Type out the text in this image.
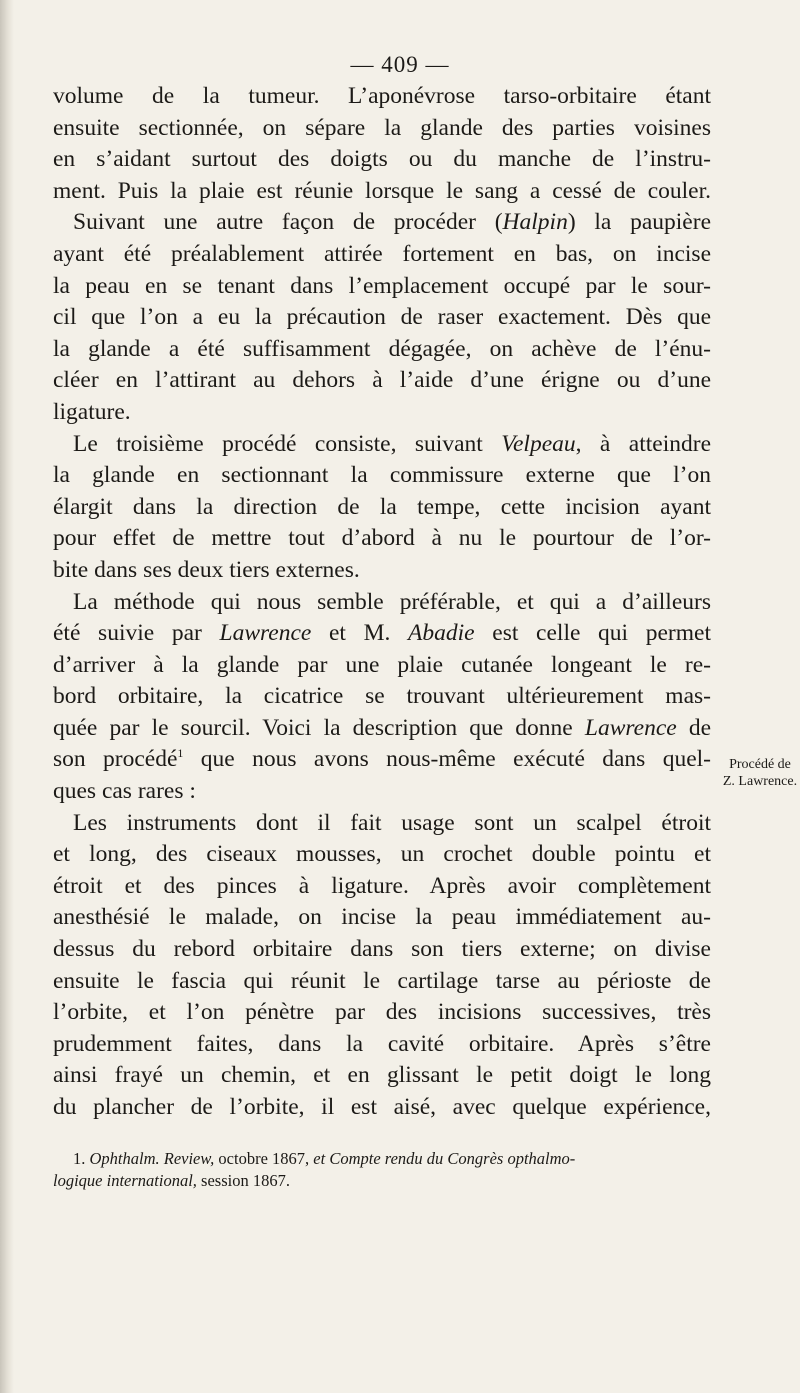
— 409 —
volume de la tumeur. L’aponévrose tarso-orbitaire étant
ensuite sectionnée, on sépare la glande des parties voisines
en s’aidant surtout des doigts ou du manche de l’instru-
ment. Puis la plaie est réunie lorsque le sang a cessé de couler.
Suivant une autre façon de procéder (Halpin) la paupière
ayant été préalablement attirée fortement en bas, on incise
la peau en se tenant dans l’emplacement occupé par le sour-
cil que l’on a eu la précaution de raser exactement. Dès que
la glande a été suffisamment dégagée, on achève de l’énu-
cléer en l’attirant au dehors à l’aide d’une érigne ou d’une
ligature.
Le troisième procédé consiste, suivant Velpeau, à atteindre
la glande en sectionnant la commissure externe que l’on
élargit dans la direction de la tempe, cette incision ayant
pour effet de mettre tout d’abord à nu le pourtour de l’or-
bite dans ses deux tiers externes.
La méthode qui nous semble préférable, et qui a d’ailleurs
été suivie par Lawrence et M. Abadie est celle qui permet
d’arriver à la glande par une plaie cutanée longeant le re-
bord orbitaire, la cicatrice se trouvant ultérieurement mas-
quée par le sourcil. Voici la description que donne Lawrence de
son procédé$^1$ que nous avons nous-même exécuté dans quel-
ques cas rares :
Les instruments dont il fait usage sont un scalpel étroit
et long, des ciseaux mousses, un crochet double pointu et
étroit et des pinces à ligature. Après avoir complètement
anesthésié le malade, on incise la peau immédiatement au-
dessus du rebord orbitaire dans son tiers externe; on divise
ensuite le fascia qui réunit le cartilage tarse au périoste de
l’orbite, et l’on pénètre par des incisions successives, très
prudemment faites, dans la cavité orbitaire. Après s’être
ainsi frayé un chemin, et en glissant le petit doigt le long
du plancher de l’orbite, il est aisé, avec quelque expérience,
Procédé de
Z. Lawrence.
1. Ophthalm. Review, octobre 1867, et Compte rendu du Congrès opthalmo-
logique international, session 1867.
